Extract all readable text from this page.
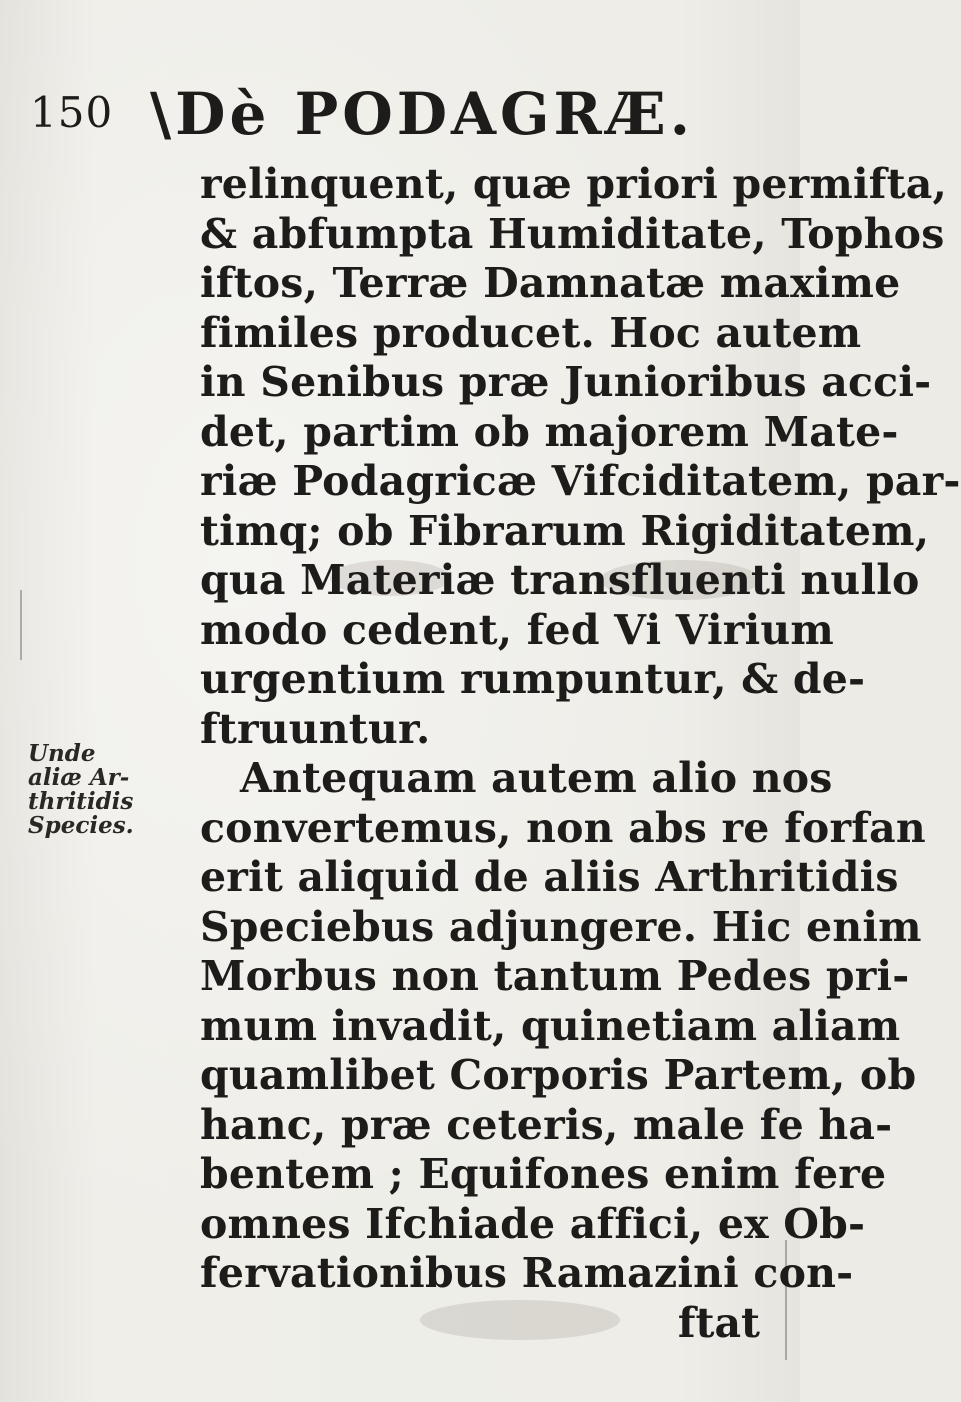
150 \Dè PODAGRÆ.
Unde
aliæ Ar-
thritidis
Species.
relinquent, quæ priori permifta,
& abfumpta Humiditate, Tophos
iftos, Terræ Damnatæ maxime
fimiles producet. Hoc autem
in Senibus præ Junioribus acci-
det, partim ob majorem Mate-
riæ Podagricæ Vifciditatem, par-
timq; ob Fibrarum Rigiditatem,
qua Materiæ transfluenti nullo
modo cedent, fed Vi Virium
urgentium rumpuntur, & de-
ftruuntur.
Antequam autem alio nos
convertemus, non abs re forfan
erit aliquid de aliis Arthritidis
Speciebus adjungere. Hic enim
Morbus non tantum Pedes pri-
mum invadit, quinetiam aliam
quamlibet Corporis Partem, ob
hanc, præ ceteris, male fe ha-
bentem ; Equifones enim fere
omnes Ifchiade affici, ex Ob-
fervationibus Ramazini con-
ftat
